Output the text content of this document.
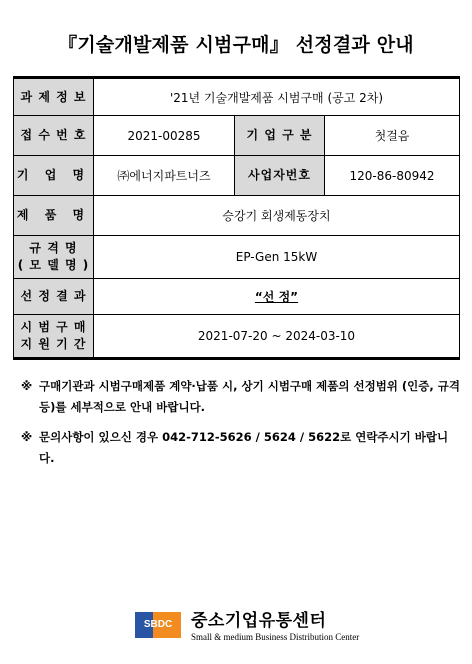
『기술개발제품 시범구매』 선정결과 안내
과 제 정 보	'21년 기술개발제품 시범구매 (공고 2차)		
접 수 번 호	2021-00285	기 업 구 분	첫걸음
기 업 명	㈜에너지파트너즈	사업자번호	120-86-80942
제 품 명	승강기 회생제동장치		

규 격 명
( 모 델 명 )	EP-Gen 15kW		
선 정 결 과	“선 정”		

시 범 구 매
지 원 기 간	2021-07-20 ~ 2024-03-10		
※ 구매기관과 시범구매제품 계약·납품 시, 상기 시범구매 제품의 선정범위 (인증, 규격 등)를 세부적으로 안내 바랍니다.
※ 문의사항이 있으신 경우 042-712-5626 / 5624 / 5622로 연락주시기 바랍니다.
SBDC	중소기업유통센터
Small & medium Business Distribution Center
